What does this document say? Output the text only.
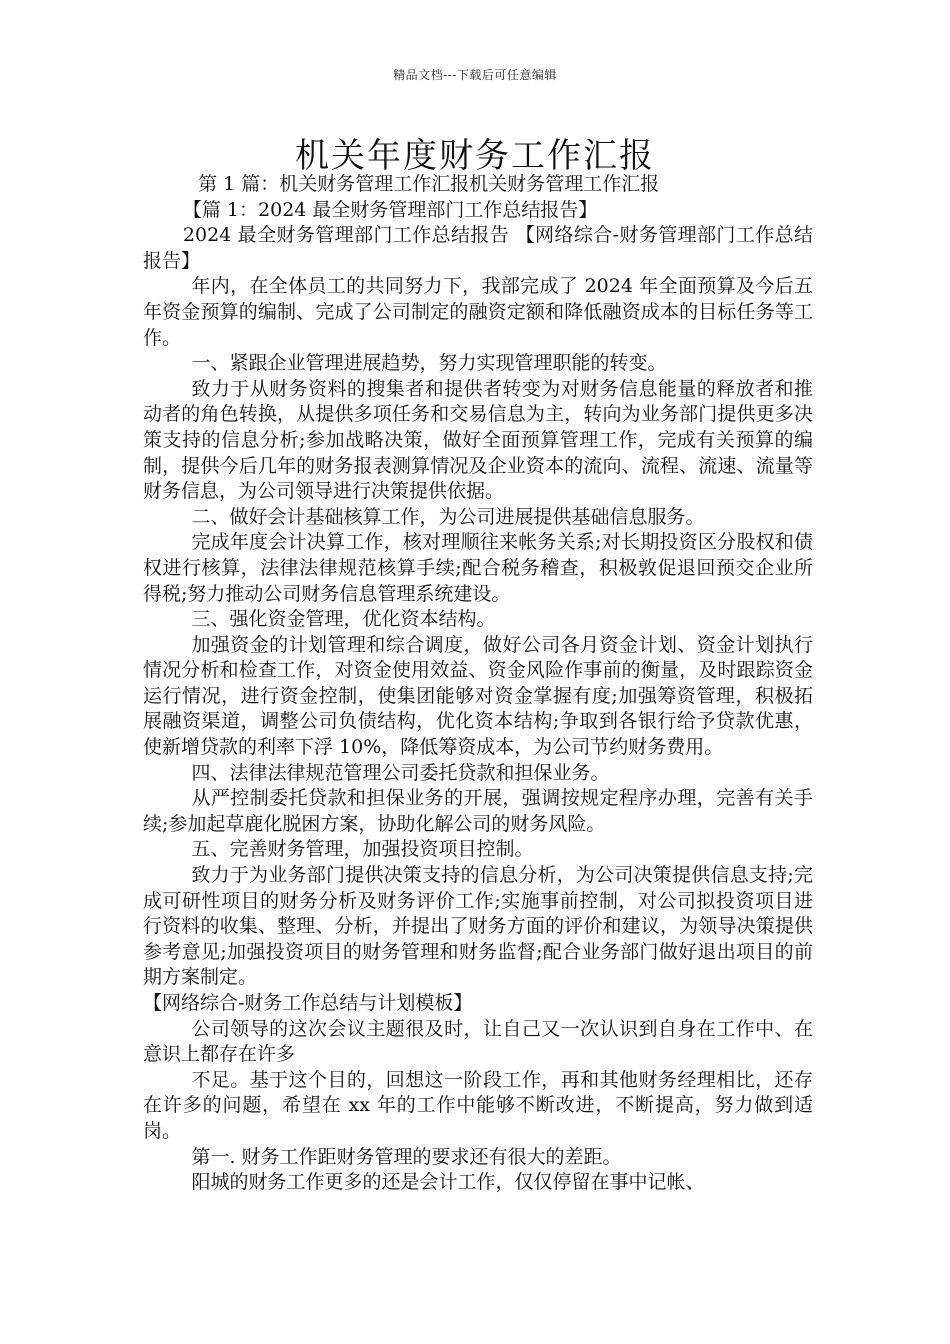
精品文档---下载后可任意编辑
机关年度财务工作汇报

第 1 篇：机关财务管理工作汇报机关财务管理工作汇报

【篇 1：2024 最全财务管理部门工作总结报告】

2024 最全财务管理部门工作总结报告 【网络综合-财务管理部门工作总结报告】

年内，在全体员工的共同努力下，我部完成了 2024 年全面预算及今后五年资金预算的编制、完成了公司制定的融资定额和降低融资成本的目标任务等工作。

一、紧跟企业管理进展趋势，努力实现管理职能的转变。

致力于从财务资料的搜集者和提供者转变为对财务信息能量的释放者和推动者的角色转换，从提供多项任务和交易信息为主，转向为业务部门提供更多决策支持的信息分析;参加战略决策，做好全面预算管理工作，完成有关预算的编制，提供今后几年的财务报表测算情况及企业资本的流向、流程、流速、流量等财务信息，为公司领导进行决策提供依据。

二、做好会计基础核算工作，为公司进展提供基础信息服务。

完成年度会计决算工作，核对理顺往来帐务关系;对长期投资区分股权和债权进行核算，法律法律规范核算手续;配合税务稽查，积极敦促退回预交企业所得税;努力推动公司财务信息管理系统建设。

三、强化资金管理，优化资本结构。

加强资金的计划管理和综合调度，做好公司各月资金计划、资金计划执行情况分析和检查工作，对资金使用效益、资金风险作事前的衡量，及时跟踪资金运行情况，进行资金控制，使集团能够对资金掌握有度;加强筹资管理，积极拓展融资渠道，调整公司负债结构，优化资本结构;争取到各银行给予贷款优惠，使新增贷款的利率下浮 10%，降低筹资成本，为公司节约财务费用。

四、法律法律规范管理公司委托贷款和担保业务。

从严控制委托贷款和担保业务的开展，强调按规定程序办理，完善有关手续;参加起草鹿化脱困方案，协助化解公司的财务风险。

五、完善财务管理，加强投资项目控制。

致力于为业务部门提供决策支持的信息分析，为公司决策提供信息支持;完成可研性项目的财务分析及财务评价工作;实施事前控制，对公司拟投资项目进行资料的收集、整理、分析，并提出了财务方面的评价和建议，为领导决策提供参考意见;加强投资项目的财务管理和财务监督;配合业务部门做好退出项目的前期方案制定。

【网络综合-财务工作总结与计划模板】

公司领导的这次会议主题很及时，让自己又一次认识到自身在工作中、在意识上都存在许多

不足。基于这个目的，回想这一阶段工作，再和其他财务经理相比，还存在许多的问题，希望在 xx 年的工作中能够不断改进，不断提高，努力做到适岗。

第一. 财务工作距财务管理的要求还有很大的差距。

阳城的财务工作更多的还是会计工作，仅仅停留在事中记帐、
